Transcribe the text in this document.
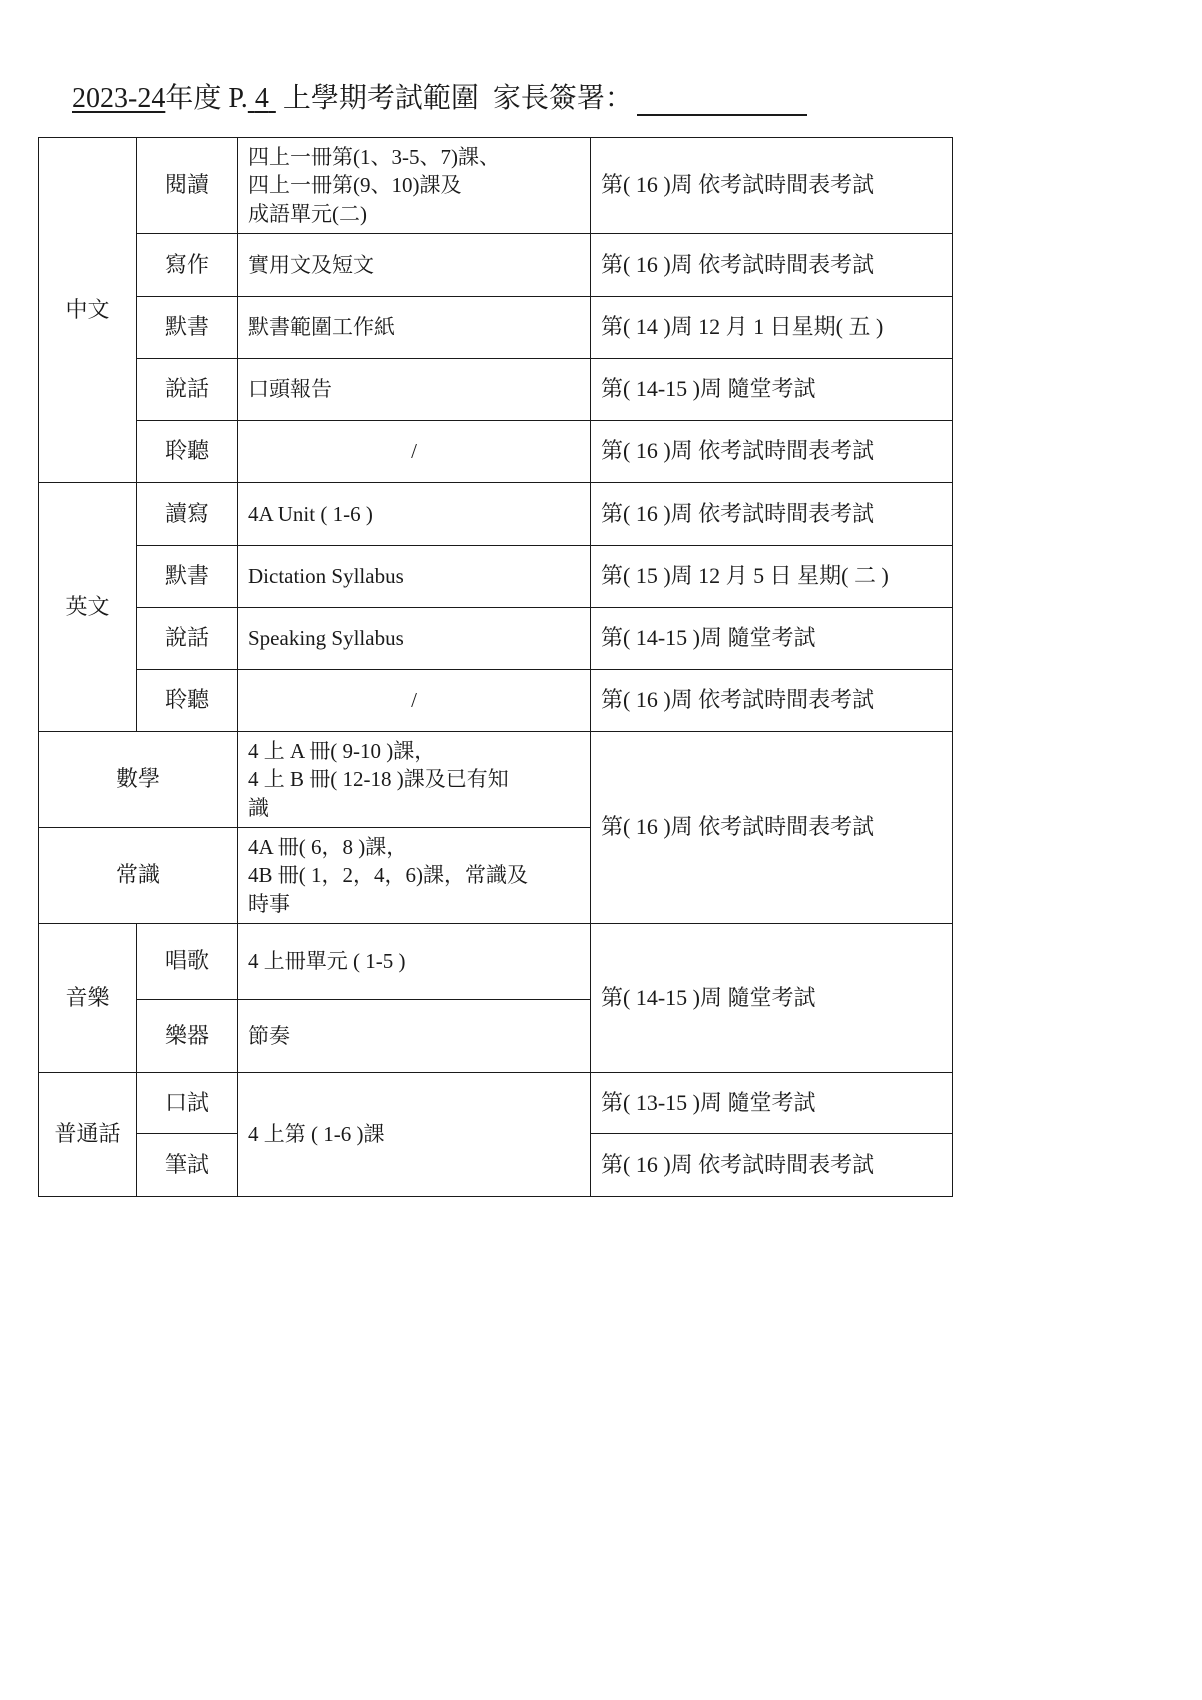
2023-24年度 P. 4 上學期考試範圍 家長簽署：
中文	閱讀	四上一冊第(1、3-5、7)課、
四上一冊第(9、10)課及
成語單元(二)	第( 16 )周 依考試時間表考試
	寫作	實用文及短文	第( 16 )周 依考試時間表考試
	默書	默書範圍工作紙	第( 14 )周 12 月 1 日星期( 五 )
	說話	口頭報告	第( 14-15 )周 隨堂考試
	聆聽	/	第( 16 )周 依考試時間表考試
英文	讀寫	4A Unit ( 1-6 )	第( 16 )周 依考試時間表考試
	默書	Dictation Syllabus	第( 15 )周 12 月 5 日 星期( 二 )
	說話	Speaking Syllabus	第( 14-15 )周 隨堂考試
	聆聽	/	第( 16 )周 依考試時間表考試
數學		4 上 A 冊( 9-10 )課，
4 上 B 冊( 12-18 )課及已有知
識	第( 16 )周 依考試時間表考試
常識		4A 冊( 6，8 )課，
4B 冊( 1，2，4，6)課，常識及
時事	

音樂	唱歌	4 上冊單元 ( 1-5 )	第( 14-15 )周 隨堂考試
	樂器	節奏	
普通話	口試	4 上第 ( 1-6 )課	第( 13-15 )周 隨堂考試
	筆試		第( 16 )周 依考試時間表考試
